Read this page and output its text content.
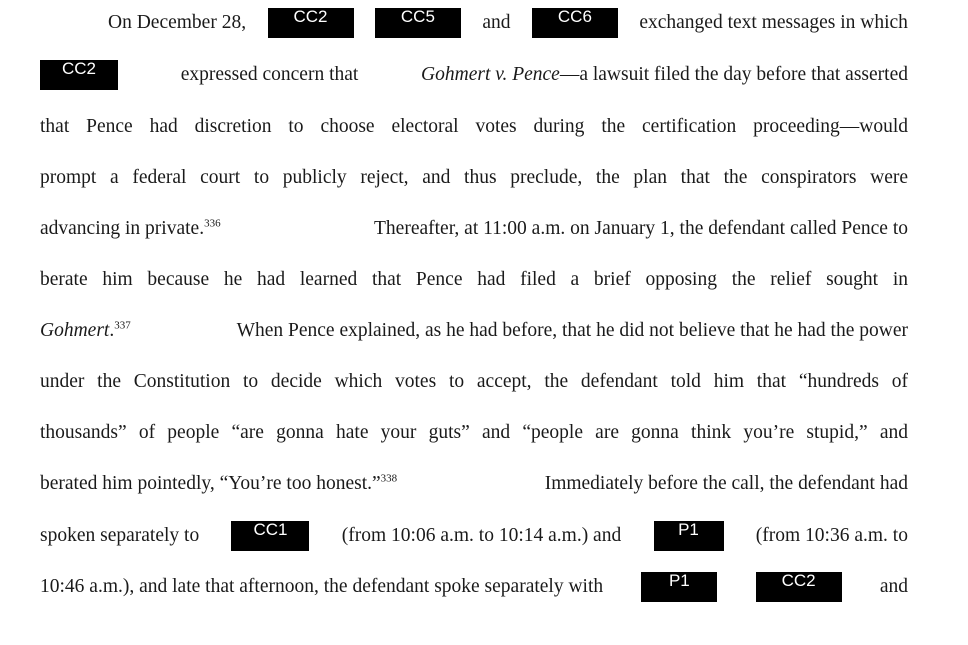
On December 28,	CC2	CC5	and	CC6	exchanged text messages in which
CC2	expressed concern that	Gohmert v. Pence—a lawsuit filed the day before that asserted
that Pence had discretion to choose electoral votes during the certification proceeding—would
prompt a federal court to publicly reject, and thus preclude, the plan that the conspirators were
advancing in private.$^{336}$	Thereafter, at 11:00 a.m. on January 1, the defendant called Pence to
berate him because he had learned that Pence had filed a brief opposing the relief sought in
Gohmert.$^{337}$	When Pence explained, as he had before, that he did not believe that he had the power
under the Constitution to decide which votes to accept, the defendant told him that “hundreds of
thousands” of people “are gonna hate your guts” and “people are gonna think you’re stupid,” and
berated him pointedly, “You’re too honest.”$^{338}$	Immediately before the call, the defendant had
spoken separately to	CC1	(from 10:06 a.m. to 10:14 a.m.) and	P1	(from 10:36 a.m. to
10:46 a.m.), and late that afternoon, the defendant spoke separately with	P1	CC2	and
